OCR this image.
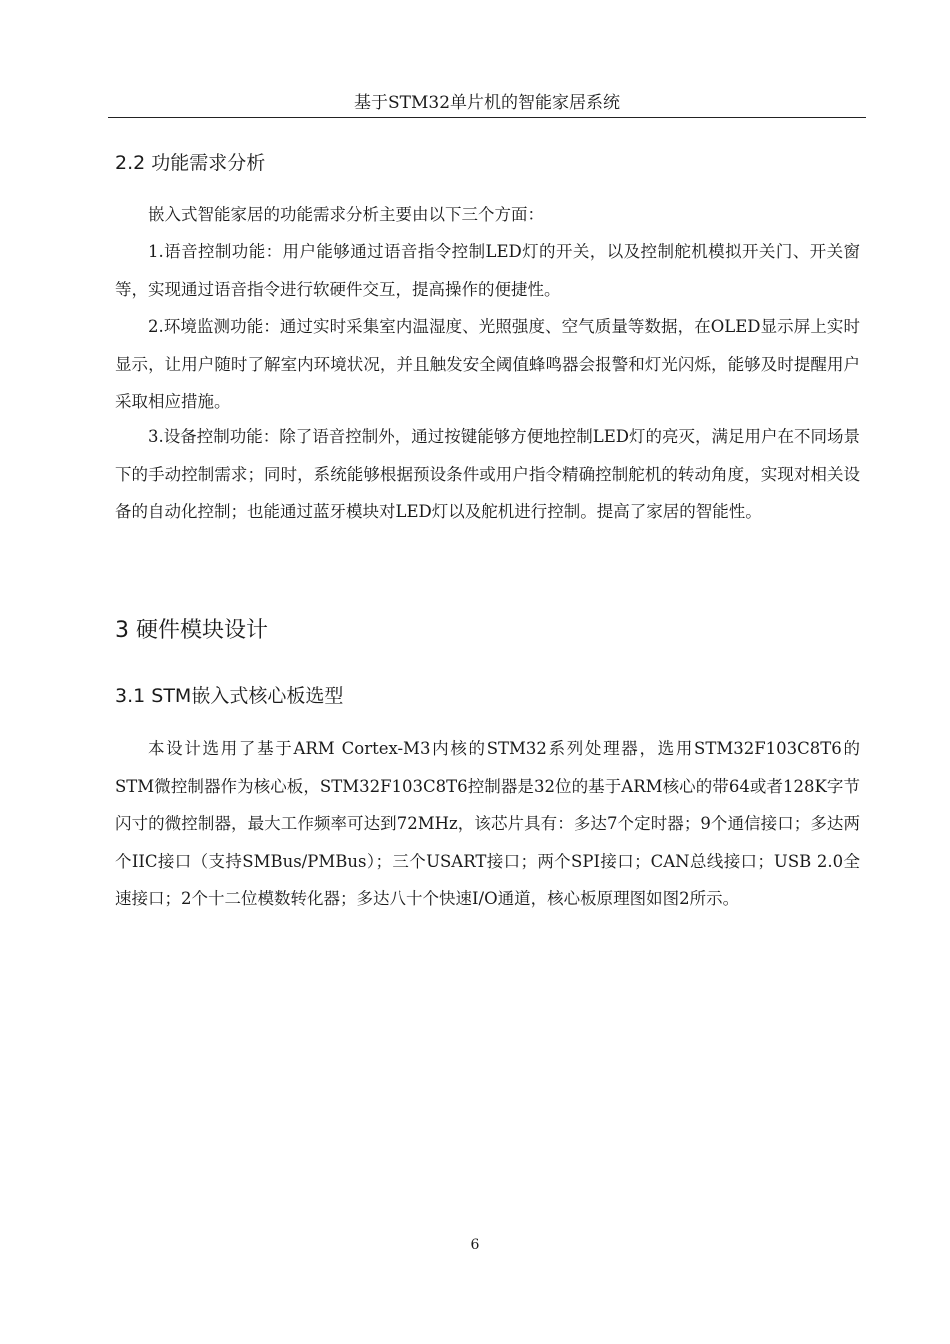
基于STM32单片机的智能家居系统
2.2 功能需求分析

嵌入式智能家居的功能需求分析主要由以下三个方面：

1.语音控制功能：用户能够通过语音指令控制LED灯的开关，以及控制舵机模拟开关门、开关窗等，实现通过语音指令进行软硬件交互，提高操作的便捷性。

2.环境监测功能：通过实时采集室内温湿度、光照强度、空气质量等数据，在OLED显示屏上实时显示，让用户随时了解室内环境状况，并且触发安全阈值蜂鸣器会报警和灯光闪烁，能够及时提醒用户采取相应措施。

3.设备控制功能：除了语音控制外，通过按键能够方便地控制LED灯的亮灭，满足用户在不同场景下的手动控制需求；同时，系统能够根据预设条件或用户指令精确控制舵机的转动角度，实现对相关设备的自动化控制；也能通过蓝牙模块对LED灯以及舵机进行控制。提高了家居的智能性。

3 硬件模块设计
3.1 STM嵌入式核心板选型

本设计选用了基于ARM Cortex-M3内核的STM32系列处理器，选用STM32F103C8T6的STM微控制器作为核心板，STM32F103C8T6控制器是32位的基于ARM核心的带64或者128K字节闪寸的微控制器，最大工作频率可达到72MHz，该芯片具有：多达7个定时器；9个通信接口；多达两个IIC接口（支持SMBus/PMBus）；三个USART接口；两个SPI接口；CAN总线接口；USB 2.0全速接口；2个十二位模数转化器；多达八十个快速I/O通道，核心板原理图如图2所示。

6
